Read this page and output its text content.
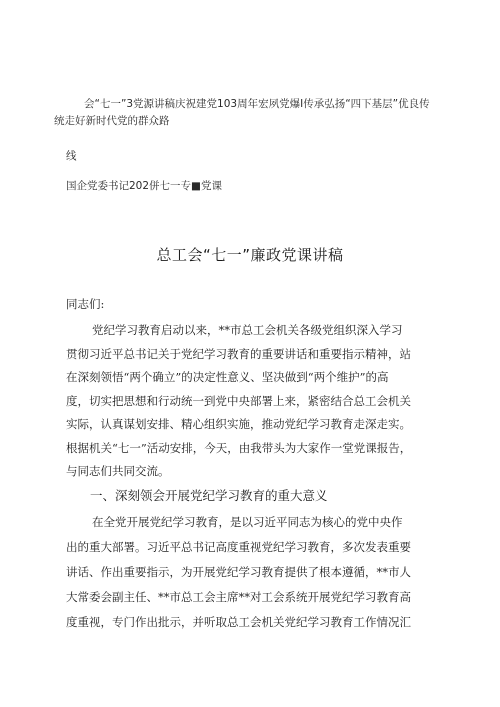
会“七一”3党源讲稿庆祝建党103周年宏夙党爆I传承弘扬“四下基层”优良传
统走好新时代党的群众路
线
国企党委书记202併七一专■党课
总工会“七一”廉政党课讲稿
同志们:
党纪学习教育启动以来，**市总工会机关各级党组织深入学习
贯彻习近平总书记关于党纪学习教育的重要讲话和重要指示精神，站
在深刻领悟“两个确立”的决定性意义、坚决做到“两个维护”的高
度，切实把思想和行动统一到党中央部署上来，紧密结合总工会机关
实际，认真谋划安排、精心组织实施，推动党纪学习教育走深走实。
根据机关“七一”活动安排，今天，由我带头为大家作一堂党课报告，
与同志们共同交流。
一、深刻领会开展党纪学习教育的重大意义
在全党开展党纪学习教育，是以习近平同志为核心的党中央作
出的重大部署。习近平总书记高度重视党纪学习教育，多次发表重要
讲话、作出重要指示，为开展党纪学习教育提供了根本遵循，**市人
大常委会副主任、**市总工会主席**对工会系统开展党纪学习教育高
度重视，专门作出批示，并听取总工会机关党纪学习教育工作情况汇
